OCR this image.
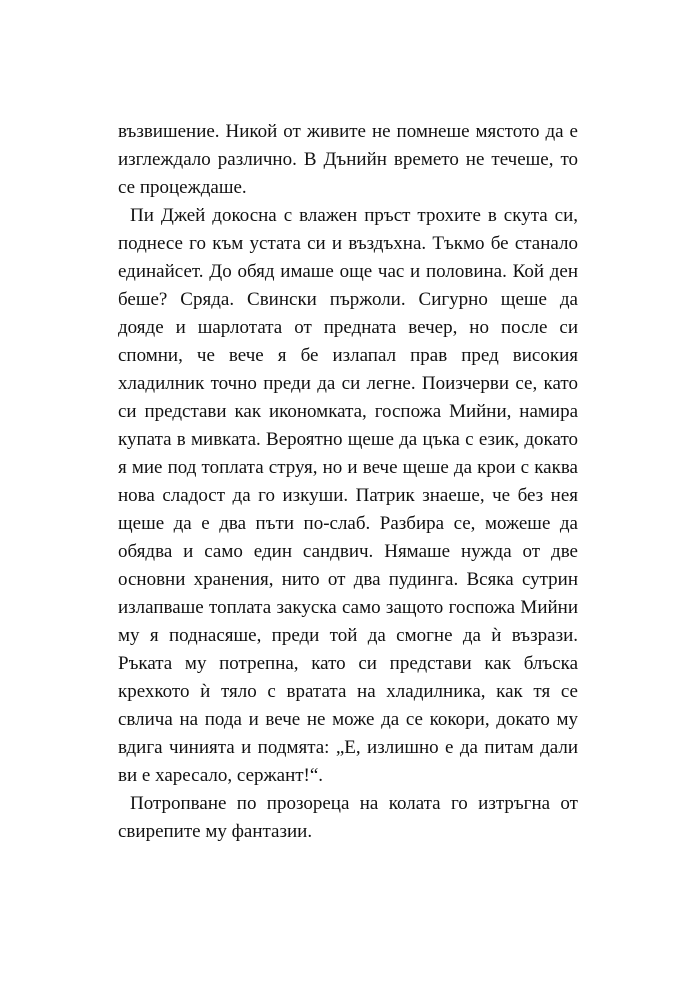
възвишение. Никой от живите не помнеше мястото да е изглеждало различно. В Дънийн времето не течеше, то се процеждаше.

Пи Джей докосна с влажен пръст трохите в скута си, поднесе го към устата си и въздъхна. Тъкмо бе станало единайсет. До обяд имаше още час и половина. Кой ден беше? Сряда. Свински пържоли. Сигурно щеше да дояде и шарлотата от предната вечер, но после си спомни, че вече я бе излапал прав пред високия хладилник точно преди да си легне. Поизчерви се, като си представи как икономката, госпожа Мийни, намира купата в мивката. Вероятно щеше да цъка с език, докато я мие под топлата струя, но и вече щеше да крои с каква нова сладост да го изкуши. Патрик знаеше, че без нея щеше да е два пъти по-слаб. Разбира се, можеше да обядва и само един сандвич. Нямаше нужда от две основни хранения, нито от два пудинга. Всяка сутрин излапваше топлата закуска само защото госпожа Мийни му я поднасяше, преди той да смогне да ѝ възрази. Ръката му потрепна, като си представи как блъска крехкото ѝ тяло с вратата на хладилника, как тя се свлича на пода и вече не може да се кокори, докато му вдига чинията и подмята: „Е, излишно е да питам дали ви е харесало, сержант!“.

Потропване по прозореца на колата го изтръгна от свирепите му фантазии.
